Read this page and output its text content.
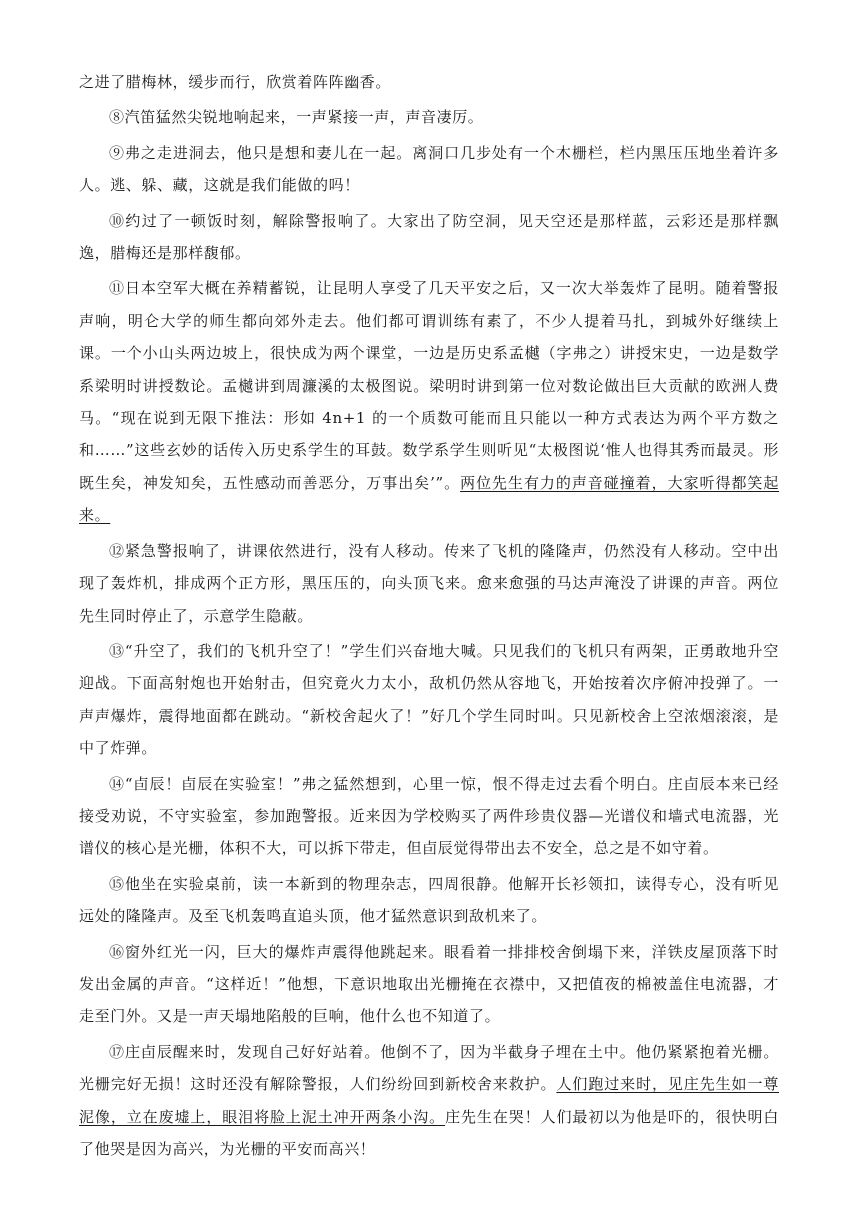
之进了腊梅林，缓步而行，欣赏着阵阵幽香。

⑧汽笛猛然尖锐地响起来，一声紧接一声，声音凄厉。

⑨弗之走进洞去，他只是想和妻儿在一起。离洞口几步处有一个木栅栏，栏内黑压压地坐着许多人。逃、躲、藏，这就是我们能做的吗！

⑩约过了一顿饭时刻，解除警报响了。大家出了防空洞，见天空还是那样蓝，云彩还是那样飘逸，腊梅还是那样馥郁。

⑪日本空军大概在养精蓄锐，让昆明人享受了几天平安之后，又一次大举轰炸了昆明。随着警报声响，明仑大学的师生都向郊外走去。他们都可谓训练有素了，不少人提着马扎，到城外好继续上课。一个小山头两边坡上，很快成为两个课堂，一边是历史系孟樾（字弗之）讲授宋史，一边是数学系梁明时讲授数论。孟樾讲到周濂溪的太极图说。梁明时讲到第一位对数论做出巨大贡献的欧洲人费马。“现在说到无限下推法：形如 4n+1 的一个质数可能而且只能以一种方式表达为两个平方数之和……”这些玄妙的话传入历史系学生的耳鼓。数学系学生则听见“太极图说‘惟人也得其秀而最灵。形既生矣，神发知矣，五性感动而善恶分，万事出矣’”。两位先生有力的声音碰撞着，大家听得都笑起来。

⑫紧急警报响了，讲课依然进行，没有人移动。传来了飞机的隆隆声，仍然没有人移动。空中出现了轰炸机，排成两个正方形，黑压压的，向头顶飞来。愈来愈强的马达声淹没了讲课的声音。两位先生同时停止了，示意学生隐蔽。

⑬“升空了，我们的飞机升空了！”学生们兴奋地大喊。只见我们的飞机只有两架，正勇敢地升空迎战。下面高射炮也开始射击，但究竟火力太小，敌机仍然从容地飞，开始按着次序俯冲投弹了。一声声爆炸，震得地面都在跳动。“新校舍起火了！”好几个学生同时叫。只见新校舍上空浓烟滚滚，是中了炸弹。

⑭“卣辰！卣辰在实验室！”弗之猛然想到，心里一惊，恨不得走过去看个明白。庄卣辰本来已经接受劝说，不守实验室，参加跑警报。近来因为学校购买了两件珍贵仪器—光谱仪和墙式电流器，光谱仪的核心是光栅，体积不大，可以拆下带走，但卣辰觉得带出去不安全，总之是不如守着。

⑮他坐在实验桌前，读一本新到的物理杂志，四周很静。他解开长衫领扣，读得专心，没有听见远处的隆隆声。及至飞机轰鸣直追头顶，他才猛然意识到敌机来了。

⑯窗外红光一闪，巨大的爆炸声震得他跳起来。眼看着一排排校舍倒塌下来，洋铁皮屋顶落下时发出金属的声音。“这样近！”他想，下意识地取出光栅掩在衣襟中，又把值夜的棉被盖住电流器，才走至门外。又是一声天塌地陷般的巨响，他什么也不知道了。

⑰庄卣辰醒来时，发现自己好好站着。他倒不了，因为半截身子埋在土中。他仍紧紧抱着光栅。光栅完好无损！这时还没有解除警报，人们纷纷回到新校舍来救护。人们跑过来时，见庄先生如一尊泥像，立在废墟上，眼泪将脸上泥土冲开两条小沟。庄先生在哭！人们最初以为他是吓的，很快明白了他哭是因为高兴，为光栅的平安而高兴！
